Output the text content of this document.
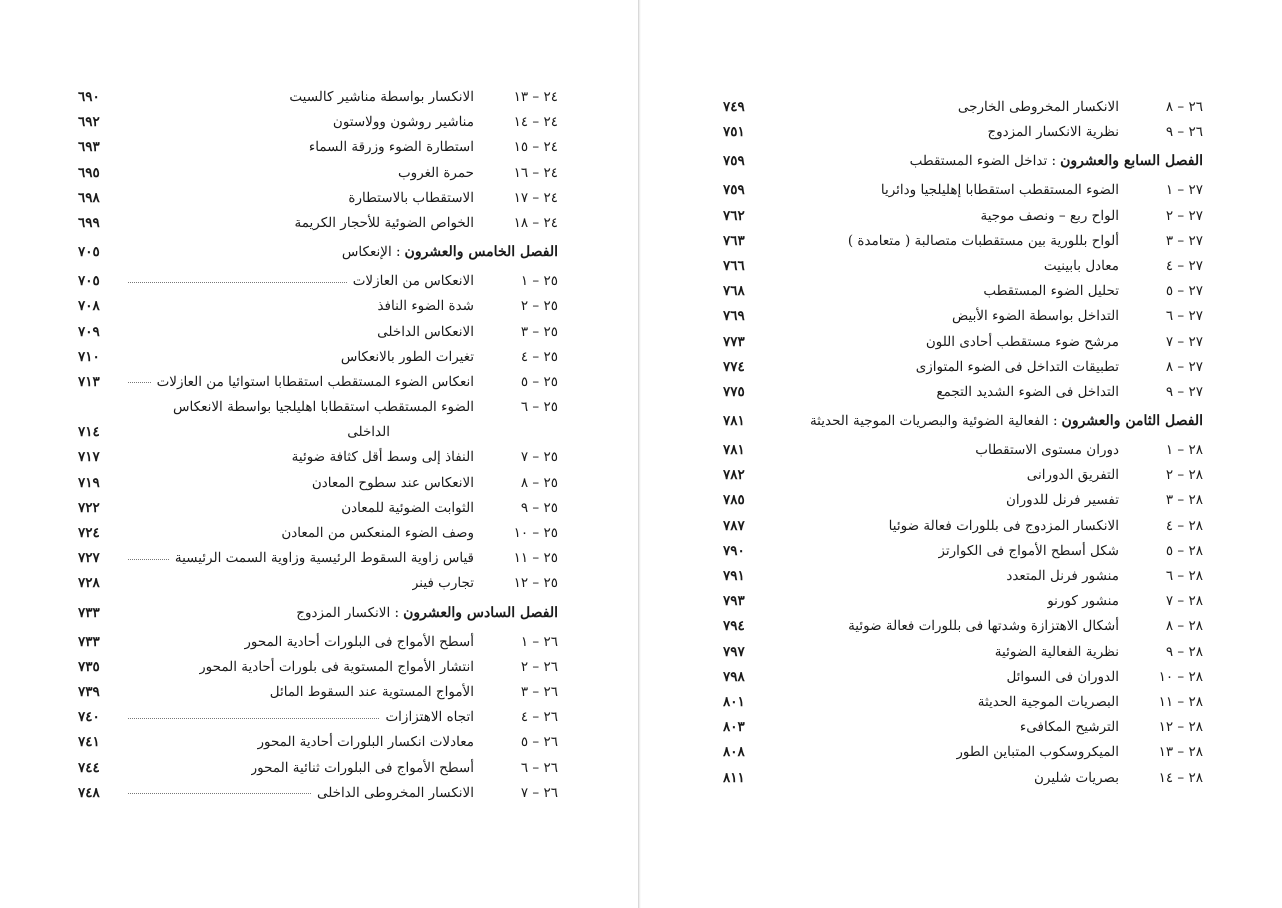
٢٤ – ١٣
الانكسار بواسطة مناشير كالسيت
٦٩٠
٢٤ – ١٤
مناشير روشون وولاستون
٦٩٢
٢٤ – ١٥
استطارة الضوء وزرقة السماء
٦٩٣
٢٤ – ١٦
حمرة الغروب
٦٩٥
٢٤ – ١٧
الاستقطاب بالاستطارة
٦٩٨
٢٤ – ١٨
الخواص الضوئية للأحجار الكريمة
٦٩٩
الفصل الخامس والعشرون: الإنعكاس
٧٠٥
٢٥ – ١
الانعكاس من العازلات
٧٠٥
٢٥ – ٢
شدة الضوء النافذ
٧٠٨
٢٥ – ٣
الانعكاس الداخلى
٧٠٩
٢٥ – ٤
تغيرات الطور بالانعكاس
٧١٠
٢٥ – ٥
انعكاس الضوء المستقطب استقطابا استوائيا من العازلات
٧١٣
٢٥ – ٦
الضوء المستقطب استقطابا اهليلجيا بواسطة الانعكاس
الداخلى
٧١٤
٢٥ – ٧
النفاذ إلى وسط أقل كثافة ضوئية
٧١٧
٢٥ – ٨
الانعكاس عند سطوح المعادن
٧١٩
٢٥ – ٩
الثوابت الضوئية للمعادن
٧٢٢
٢٥ – ١٠
وصف الضوء المنعكس من المعادن
٧٢٤
٢٥ – ١١
قياس زاوية السقوط الرئيسية وزاوية السمت الرئيسية
٧٢٧
٢٥ – ١٢
تجارب فينر
٧٢٨
الفصل السادس والعشرون: الانكسار المزدوج
٧٣٣
٢٦ – ١
أسطح الأمواج فى البلورات أحادية المحور
٧٣٣
٢٦ – ٢
انتشار الأمواج المستوية فى بلورات أحادية المحور
٧٣٥
٢٦ – ٣
الأمواج المستوية عند السقوط المائل
٧٣٩
٢٦ – ٤
اتجاه الاهتزازات
٧٤٠
٢٦ – ٥
معادلات انكسار البلورات أحادية المحور
٧٤١
٢٦ – ٦
أسطح الأمواج فى البلورات ثنائية المحور
٧٤٤
٢٦ – ٧
الانكسار المخروطى الداخلى
٧٤٨
٢٦ – ٨
الانكسار المخروطى الخارجى
٧٤٩
٢٦ – ٩
نظرية الانكسار المزدوج
٧٥١
الفصل السابع والعشرون: تداخل الضوء المستقطب
٧٥٩
٢٧ – ١
الضوء المستقطب استقطابا إهليلجيا ودائريا
٧٥٩
٢٧ – ٢
الواح ربع – ونصف موجية
٧٦٢
٢٧ – ٣
ألواح بللورية بين مستقطبات متصالبة ( متعامدة )
٧٦٣
٢٧ – ٤
معادل بابينيت
٧٦٦
٢٧ – ٥
تحليل الضوء المستقطب
٧٦٨
٢٧ – ٦
التداخل بواسطة الضوء الأبيض
٧٦٩
٢٧ – ٧
مرشح ضوء مستقطب أحادى اللون
٧٧٣
٢٧ – ٨
تطبيقات التداخل فى الضوء المتوازى
٧٧٤
٢٧ – ٩
التداخل فى الضوء الشديد التجمع
٧٧٥
الفصل الثامن والعشرون: الفعالية الضوئية والبصريات الموجية الحديثة
٧٨١
٢٨ – ١
دوران مستوى الاستقطاب
٧٨١
٢٨ – ٢
التفريق الدورانى
٧٨٢
٢٨ – ٣
تفسير فرنل للدوران
٧٨٥
٢٨ – ٤
الانكسار المزدوج فى بللورات فعالة ضوئيا
٧٨٧
٢٨ – ٥
شكل أسطح الأمواج فى الكوارتز
٧٩٠
٢٨ – ٦
منشور فرنل المتعدد
٧٩١
٢٨ – ٧
منشور كورنو
٧٩٣
٢٨ – ٨
أشكال الاهتزازة وشدتها فى بللورات فعالة ضوئية
٧٩٤
٢٨ – ٩
نظرية الفعالية الضوئية
٧٩٧
٢٨ – ١٠
الدوران فى السوائل
٧٩٨
٢٨ – ١١
البصريات الموجية الحديثة
٨٠١
٢٨ – ١٢
الترشيح المكافىء
٨٠٣
٢٨ – ١٣
الميكروسكوب المتباين الطور
٨٠٨
٢٨ – ١٤
بصريات شليرن
٨١١
